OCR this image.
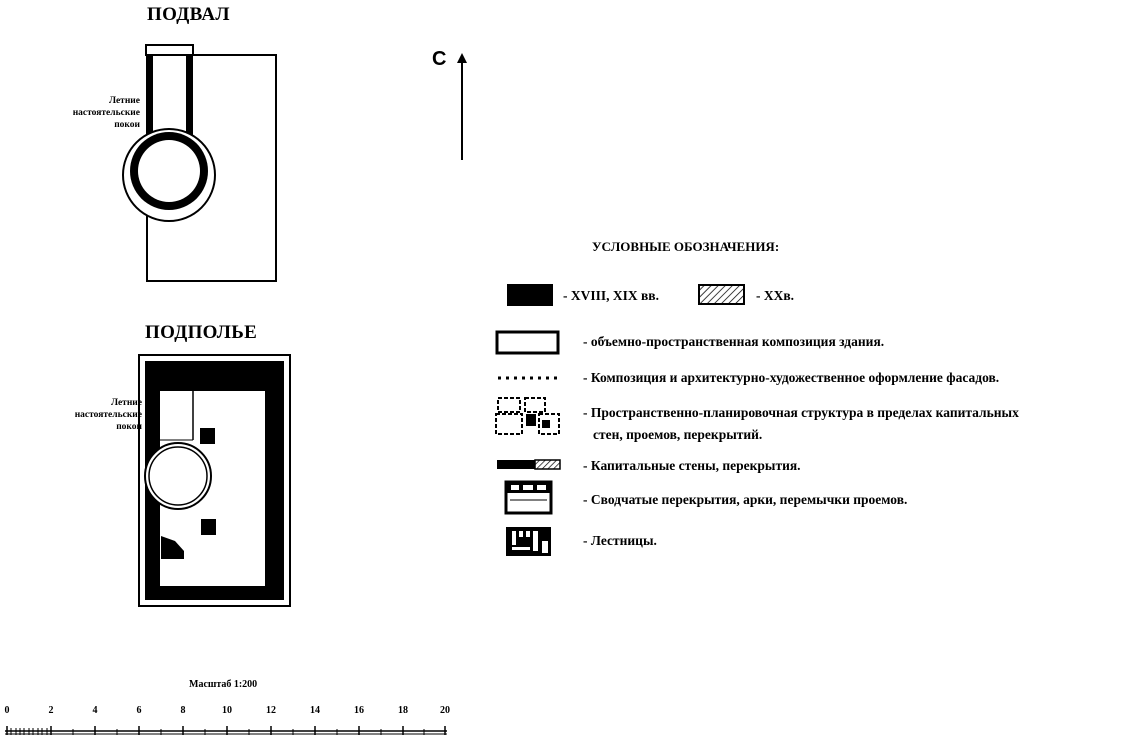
ПОДВАЛ
Летние
настоятельские
покои
ПОДПОЛЬЕ
Летние
настоятельские
покои
С
УСЛОВНЫЕ ОБОЗНАЧЕНИЯ:
- XVIII, XIX вв.	- XXв.
- объемно-пространственная композиция здания.
- Композиция и архитектурно-художественное оформление фасадов.
- Пространственно-планировочная структура в пределах капитальных
стен, проемов, перекрытий.
- Капитальные стены, перекрытия.
- Сводчатые перекрытия, арки, перемычки проемов.
- Лестницы.
Масштаб 1:200
0	2	4	6	8	10	12	14	16	18	20
